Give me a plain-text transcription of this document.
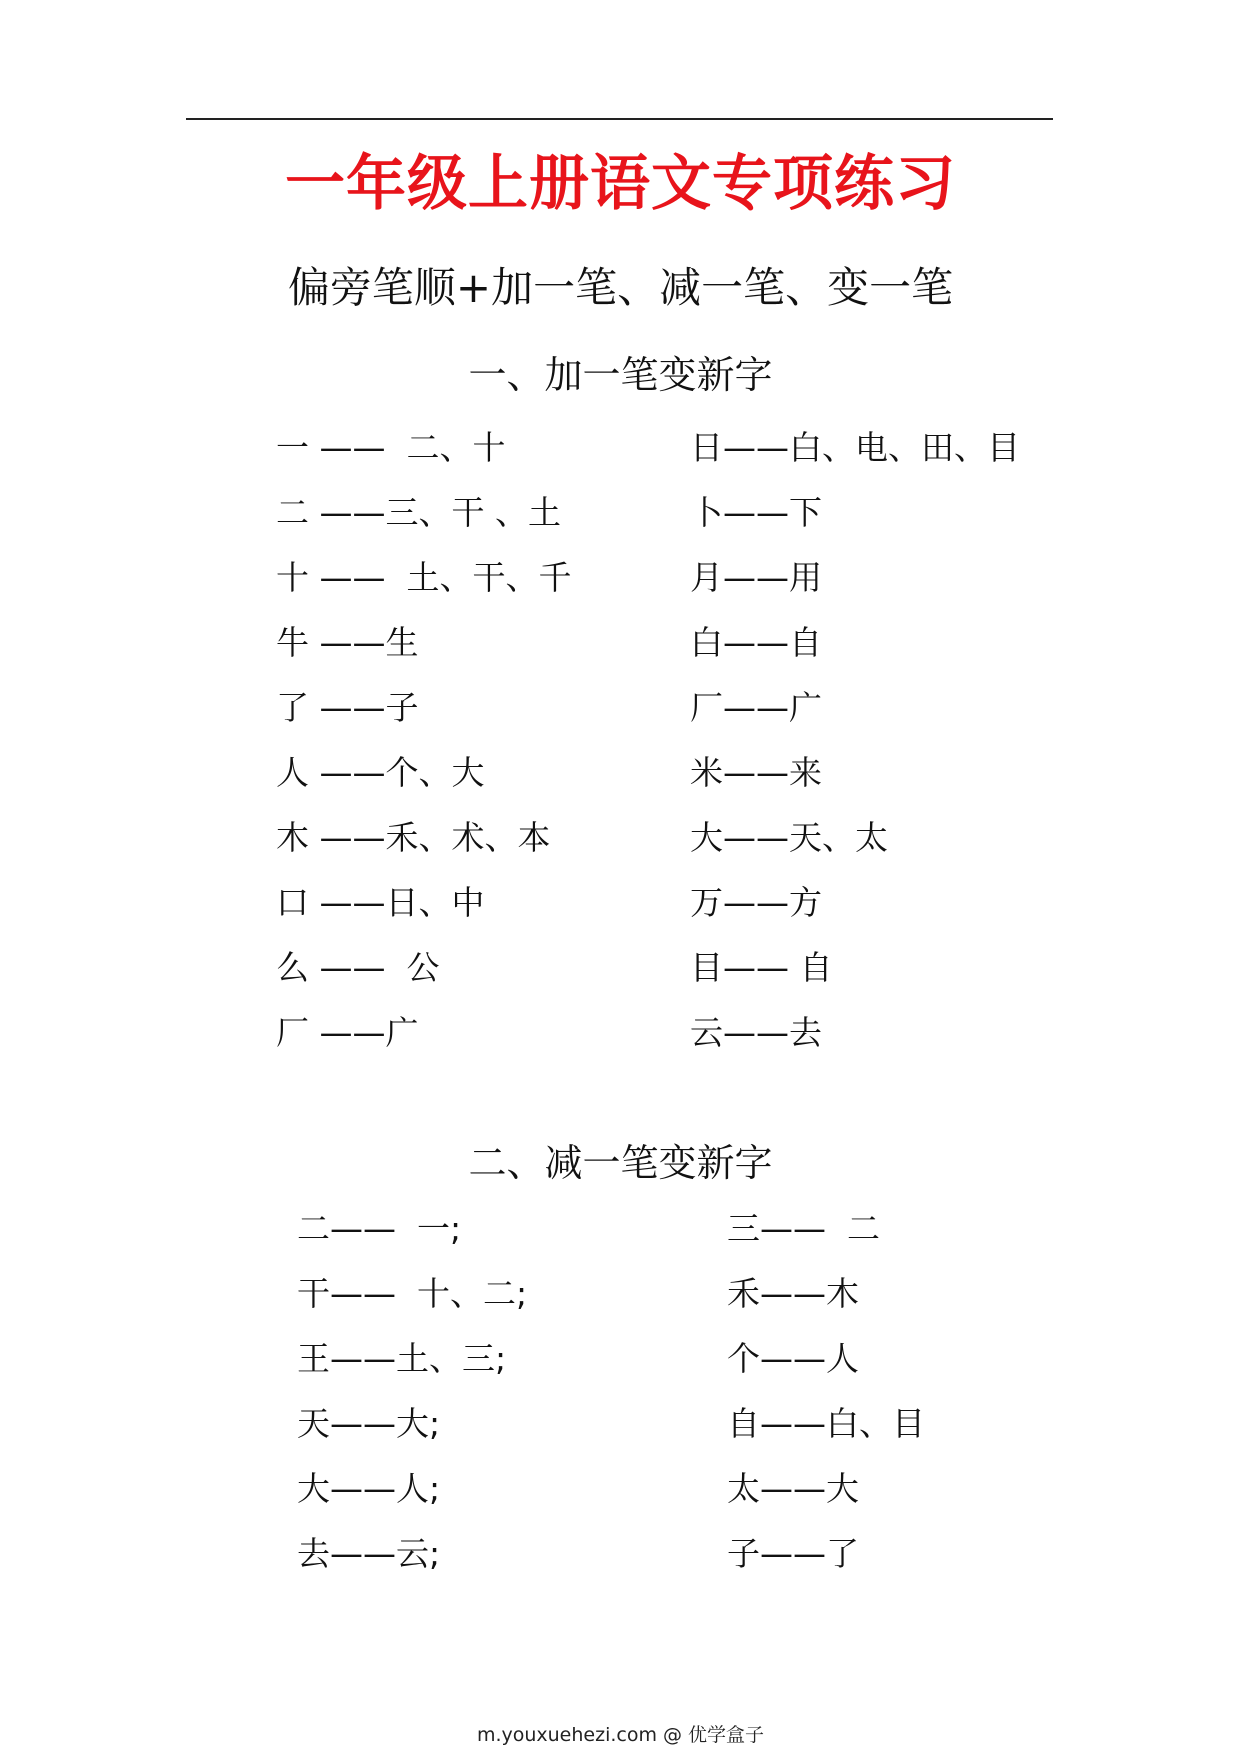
一年级上册语文专项练习
偏旁笔顺+加一笔、减一笔、变一笔
一、加一笔变新字
一 ——  二、十
二 ——三、干 、土
十 ——  土、干、千
牛 ——生
了 ——子
人 ——个、大
木 ——禾、术、本
口 ——日、中
么 ——  公
厂 ——广
日——白、电、田、目
卜——下
月——用
白——自
厂——广
米——来
大——天、太
万——方
目—— 自
云——去
二、减一笔变新字
二——  一;
干——  十、二;
王——土、三;
天——大;
大——人;
去——云;
三——  二
禾——木
个——人
自——白、目
太——大
子——了
m.youxuehezi.com @ 优学盒子
